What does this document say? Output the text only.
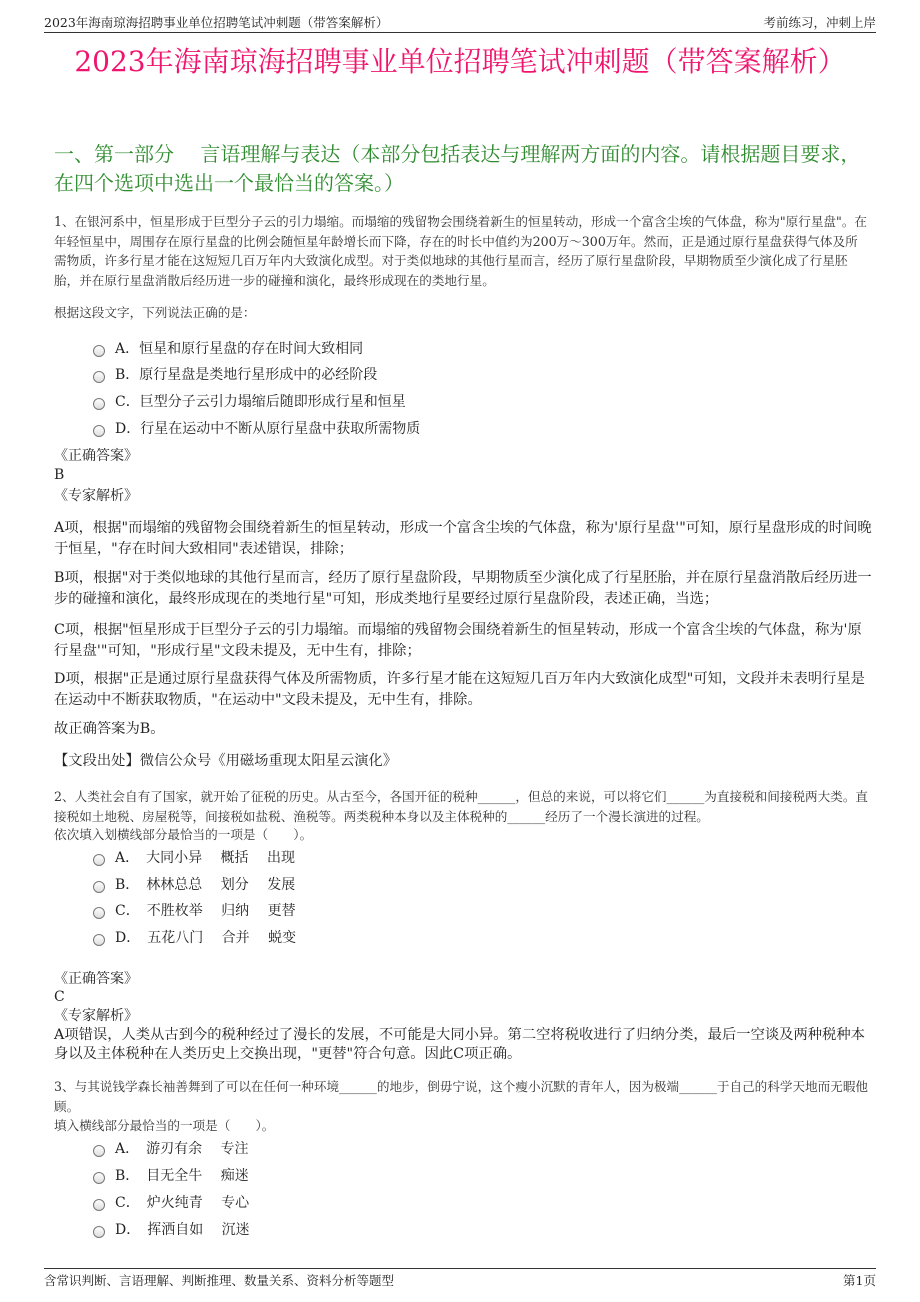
2023年海南琼海招聘事业单位招聘笔试冲刺题（带答案解析）	考前练习，冲刺上岸
2023年海南琼海招聘事业单位招聘笔试冲刺题（带答案解析）
一、第一部分　 言语理解与表达（本部分包括表达与理解两方面的内容。请根据题目要求，在四个选项中选出一个最恰当的答案。）
1、在银河系中，恒星形成于巨型分子云的引力塌缩。而塌缩的残留物会围绕着新生的恒星转动，形成一个富含尘埃的气体盘，称为"原行星盘"。在年轻恒星中，周围存在原行星盘的比例会随恒星年龄增长而下降，存在的时长中值约为200万～300万年。然而，正是通过原行星盘获得气体及所需物质，许多行星才能在这短短几百万年内大致演化成型。对于类似地球的其他行星而言，经历了原行星盘阶段，早期物质至少演化成了行星胚胎，并在原行星盘消散后经历进一步的碰撞和演化，最终形成现在的类地行星。
根据这段文字，下列说法正确的是：
A．恒星和原行星盘的存在时间大致相同
B．原行星盘是类地行星形成中的必经阶段
C．巨型分子云引力塌缩后随即形成行星和恒星
D．行星在运动中不断从原行星盘中获取所需物质
《正确答案》
B
《专家解析》
A项，根据"而塌缩的残留物会围绕着新生的恒星转动，形成一个富含尘埃的气体盘，称为'原行星盘'"可知，原行星盘形成的时间晚于恒星，"存在时间大致相同"表述错误，排除；
B项，根据"对于类似地球的其他行星而言，经历了原行星盘阶段，早期物质至少演化成了行星胚胎，并在原行星盘消散后经历进一步的碰撞和演化，最终形成现在的类地行星"可知，形成类地行星要经过原行星盘阶段，表述正确，当选；
C项，根据"恒星形成于巨型分子云的引力塌缩。而塌缩的残留物会围绕着新生的恒星转动，形成一个富含尘埃的气体盘，称为'原行星盘'"可知，"形成行星"文段未提及，无中生有，排除；
D项，根据"正是通过原行星盘获得气体及所需物质，许多行星才能在这短短几百万年内大致演化成型"可知，文段并未表明行星是在运动中不断获取物质，"在运动中"文段未提及，无中生有，排除。
故正确答案为B。
【文段出处】微信公众号《用磁场重现太阳星云演化》
2、人类社会自有了国家，就开始了征税的历史。从古至今，各国开征的税种______，但总的来说，可以将它们______为直接税和间接税两大类。直接税如土地税、房屋税等，间接税如盐税、渔税等。两类税种本身以及主体税种的______经历了一个漫长演进的过程。
依次填入划横线部分最恰当的一项是（　　）。
A．　大同小异　 概括　 出现
B．　林林总总　 划分　 发展
C．　不胜枚举　 归纳　 更替
D．　五花八门　 合并　 蜕变
《正确答案》
C
《专家解析》
A项错误，人类从古到今的税种经过了漫长的发展，不可能是大同小异。第二空将税收进行了归纳分类，最后一空谈及两种税种本身以及主体税种在人类历史上交换出现，"更替"符合句意。因此C项正确。
3、与其说钱学森长袖善舞到了可以在任何一种环境______的地步，倒毋宁说，这个瘦小沉默的青年人，因为极端______于自己的科学天地而无暇他顾。
填入横线部分最恰当的一项是（　　）。
A．　游刃有余　 专注
B．　目无全牛　 痴迷
C．　炉火纯青　 专心
D．　挥洒自如　 沉迷
含常识判断、言语理解、判断推理、数量关系、资料分析等题型	第1页
